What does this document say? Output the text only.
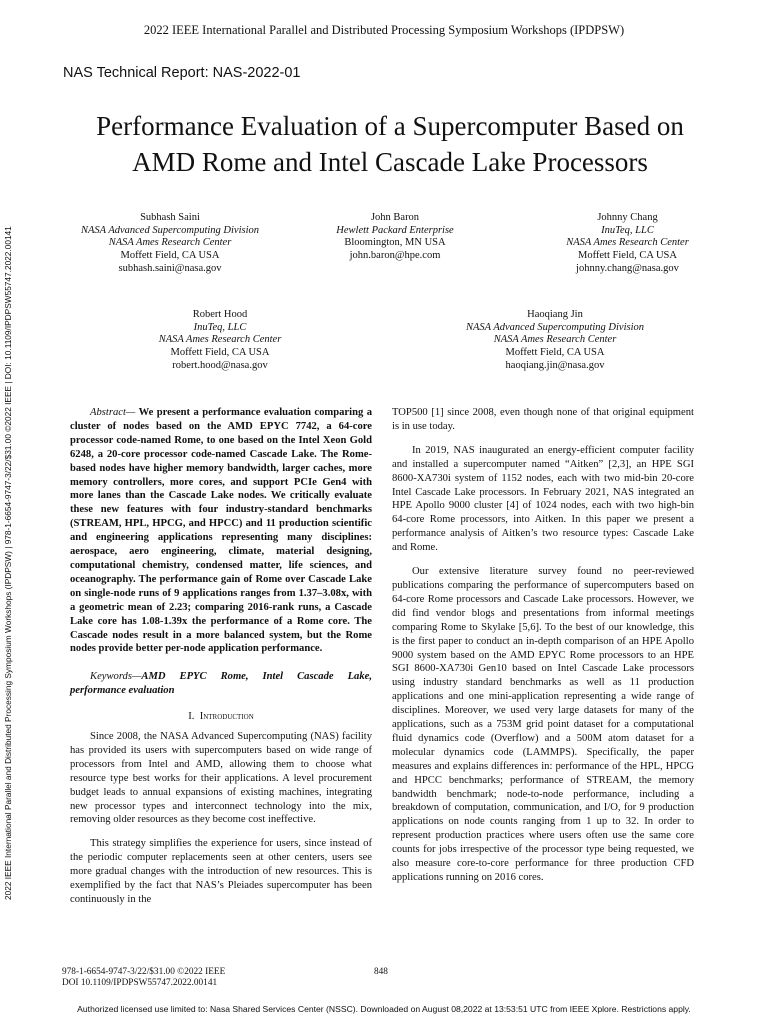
2022 IEEE International Parallel and Distributed Processing Symposium Workshops (IPDPSW)
NAS Technical Report: NAS-2022-01
Performance Evaluation of a Supercomputer Based on
AMD Rome and Intel Cascade Lake Processors
Subhash Saini
NASA Advanced Supercomputing Division
NASA Ames Research Center
Moffett Field, CA USA
subhash.saini@nasa.gov
John Baron
Hewlett Packard Enterprise
Bloomington, MN USA
john.baron@hpe.com
Johnny Chang
InuTeq, LLC
NASA Ames Research Center
Moffett Field, CA USA
johnny.chang@nasa.gov
Robert Hood
InuTeq, LLC
NASA Ames Research Center
Moffett Field, CA USA
robert.hood@nasa.gov
Haoqiang Jin
NASA Advanced Supercomputing Division
NASA Ames Research Center
Moffett Field, CA USA
haoqiang.jin@nasa.gov
2022 IEEE International Parallel and Distributed Processing Symposium Workshops (IPDPSW) | 978-1-6654-9747-3/22/$31.00 ©2022 IEEE | DOI: 10.1109/IPDPSW55747.2022.00141	Abstract— We present a performance evaluation comparing a cluster of nodes based on the AMD EPYC 7742, a 64-core processor code-named Rome, to one based on the Intel Xeon Gold 6248, a 20-core processor code-named Cascade Lake. The Rome-based nodes have higher memory bandwidth, larger caches, more memory controllers, more cores, and support PCIe Gen4 with more lanes than the Cascade Lake nodes. We critically evaluate these new features with four industry-standard benchmarks (STREAM, HPL, HPCG, and HPCC) and 11 production scientific and engineering applications representing many disciplines: aerospace, aero engineering, climate, material designing, computational chemistry, condensed matter, life sciences, and oceanography. The performance gain of Rome over Cascade Lake on single-node runs of 9 applications ranges from 1.37–3.08x, with a geometric mean of 2.23; comparing 2016-rank runs, a Cascade Lake core has 1.08-1.39x the performance of a Rome core. The Cascade nodes result in a more balanced system, but the Rome nodes provide better per-node application performance.

Keywords—AMD EPYC Rome, Intel Cascade Lake, performance evaluation

I. Introduction

Since 2008, the NASA Advanced Supercomputing (NAS) facility has provided its users with supercomputers based on wide range of processors from Intel and AMD, allowing them to choose what resource type best works for their applications. A level procurement budget leads to annual expansions of existing machines, integrating new processor types and interconnect technology into the mix, removing older resources as they become cost ineffective.

This strategy simplifies the experience for users, since instead of the periodic computer replacements seen at other centers, users see more gradual changes with the introduction of new resources. This is exemplified by the fact that NAS’s Pleiades supercomputer has been continuously in the

TOP500 [1] since 2008, even though none of that original equipment is in use today.

In 2019, NAS inaugurated an energy-efficient computer facility and installed a supercomputer named “Aitken” [2,3], an HPE SGI 8600-XA730i system of 1152 nodes, each with two mid-bin 20-core Intel Cascade Lake processors. In February 2021, NAS integrated an HPE Apollo 9000 cluster [4] of 1024 nodes, each with two high-bin 64-core Rome processors, into Aitken. In this paper we present a performance analysis of Aitken’s two resource types: Cascade Lake and Rome.

Our extensive literature survey found no peer-reviewed publications comparing the performance of supercomputers based on 64-core Rome processors and Cascade Lake processors. However, we did find vendor blogs and presentations from informal meetings comparing Rome to Skylake [5,6]. To the best of our knowledge, this is the first paper to conduct an in-depth comparison of an HPE Apollo 9000 system based on the AMD EPYC Rome processors to an HPE SGI 8600-XA730i Gen10 based on Intel Cascade Lake processors using industry standard benchmarks as well as 11 production applications and one mini-application representing a wide range of disciplines. Moreover, we used very large datasets for many of the applications, such as a 753M grid point dataset for a computational fluid dynamics code (Overflow) and a 500M atom dataset for a molecular dynamics code (LAMMPS). Specifically, the paper measures and explains differences in: performance of the HPL, HPCG and HPCC benchmarks; performance of STREAM, the memory bandwidth benchmark; node-to-node performance, including a breakdown of computation, communication, and I/O, for 9 production applications on node counts ranging from 1 up to 32. In order to represent production practices where users often use the same core counts for jobs irrespective of the processor type being requested, we also measure core-to-core performance for three production CFD applications running on 2016 cores.

978-1-6654-9747-3/22/$31.00 ©2022 IEEE
DOI 10.1109/IPDPSW55747.2022.00141
848
Authorized licensed use limited to: Nasa Shared Services Center (NSSC). Downloaded on August 08,2022 at 13:53:51 UTC from IEEE Xplore. Restrictions apply.
